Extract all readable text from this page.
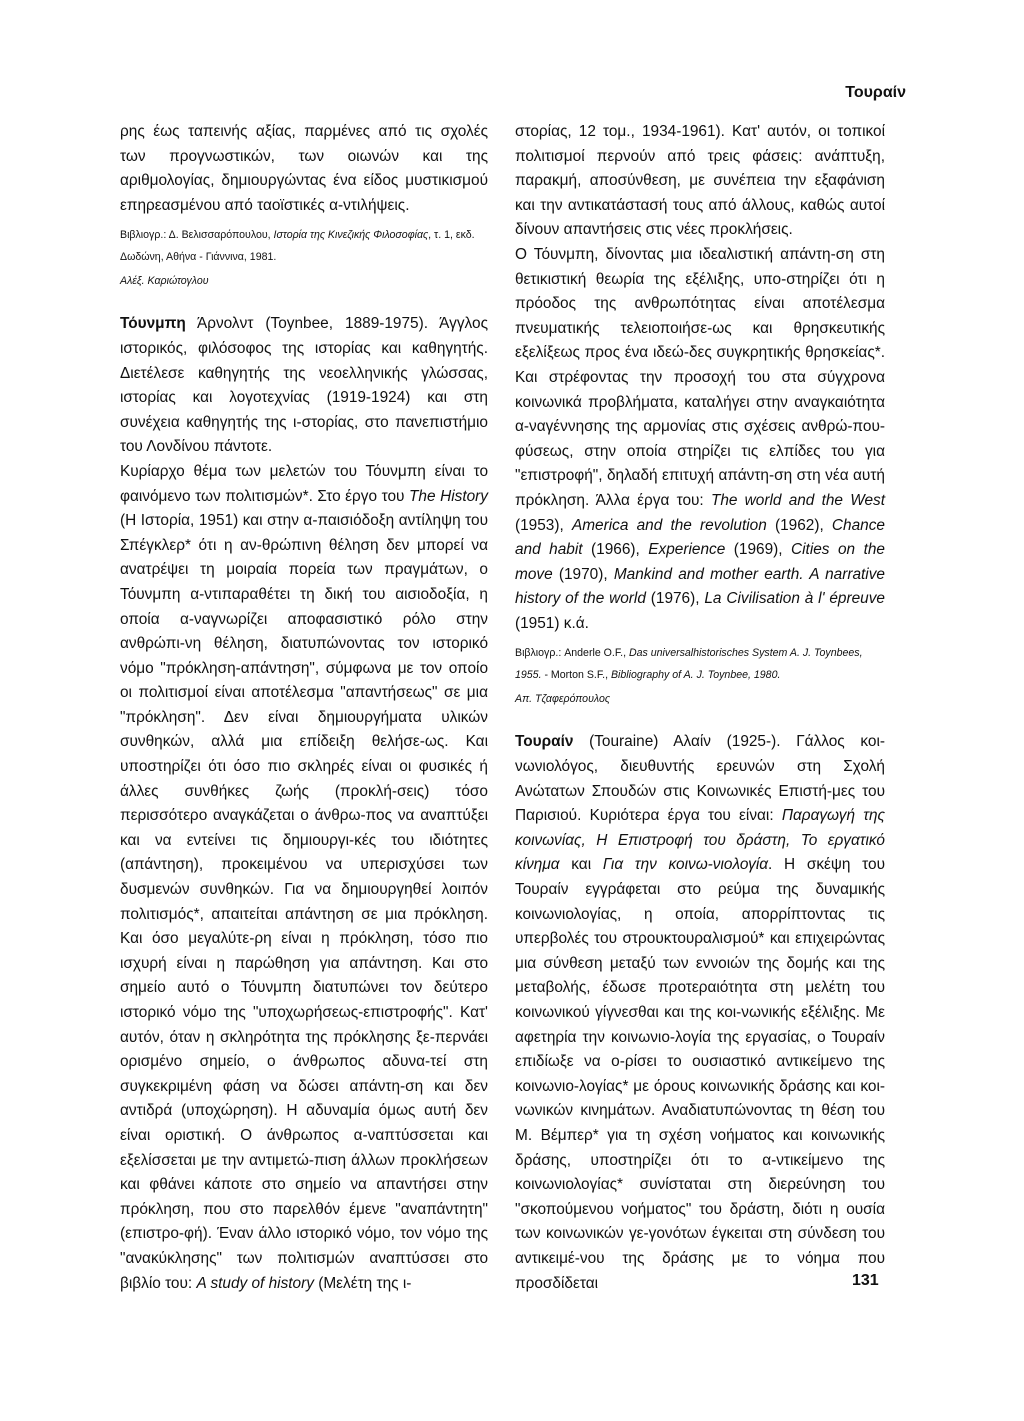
Τουραίν

ρης έως ταπεινής αξίας, παρμένες από τις σχολές των προγνωστικών, των οιωνών και της αριθμολογίας, δημιουργώντας ένα είδος μυστικισμού επηρεασμένου από ταοϊστικές α-ντιλήψεις.

Βιβλιογρ.: Δ. Βελισσαρόπουλου, Ιστορία της Κινεζικής Φιλοσοφίας, τ. 1, εκδ. Δωδώνη, Αθήνα - Γιάννινα, 1981.

Αλέξ. Καριώτογλου

Τόυνμπη Άρνολντ (Toynbee, 1889-1975). Άγγλος ιστορικός, φιλόσοφος της ιστορίας και καθηγητής. Διετέλεσε καθηγητής της νεοελληνικής γλώσσας, ιστορίας και λογοτεχνίας (1919-1924) και στη συνέχεια καθηγητής της ι-στορίας, στο πανεπιστήμιο του Λονδίνου πάντοτε.

Κυρίαρχο θέμα των μελετών του Τόυνμπη είναι το φαινόμενο των πολιτισμών*. Στο έργο του The History (Η Ιστορία, 1951) και στην α-παισιόδοξη αντίληψη του Σπέγκλερ* ότι η αν-θρώπινη θέληση δεν μπορεί να ανατρέψει τη μοιραία πορεία των πραγμάτων, ο Τόυνμπη α-ντιπαραθέτει τη δική του αισιοδοξία, η οποία α-ναγνωρίζει αποφασιστικό ρόλο στην ανθρώπι-νη θέληση, διατυπώνοντας τον ιστορικό νόμο "πρόκληση-απάντηση", σύμφωνα με τον οποίο οι πολιτισμοί είναι αποτέλεσμα "απαντήσεως" σε μια "πρόκληση". Δεν είναι δημιουργήματα υλικών συνθηκών, αλλά μια επίδειξη θελήσε-ως. Και υποστηρίζει ότι όσο πιο σκληρές είναι οι φυσικές ή άλλες συνθήκες ζωής (προκλή-σεις) τόσο περισσότερο αναγκάζεται ο άνθρω-πος να αναπτύξει και να εντείνει τις δημιουργι-κές του ιδιότητες (απάντηση), προκειμένου να υπερισχύσει των δυσμενών συνθηκών. Για να δημιουργηθεί λοιπόν πολιτισμός*, απαιτείται απάντηση σε μια πρόκληση. Και όσο μεγαλύτε-ρη είναι η πρόκληση, τόσο πιο ισχυρή είναι η παρώθηση για απάντηση. Και στο σημείο αυτό ο Τόυνμπη διατυπώνει τον δεύτερο ιστορικό νόμο της "υποχωρήσεως-επιστροφής". Κατ' αυτόν, όταν η σκληρότητα της πρόκλησης ξε-περνάει ορισμένο σημείο, ο άνθρωπος αδυνα-τεί στη συγκεκριμένη φάση να δώσει απάντη-ση και δεν αντιδρά (υποχώρηση). Η αδυναμία όμως αυτή δεν είναι οριστική. Ο άνθρωπος α-ναπτύσσεται και εξελίσσεται με την αντιμετώ-πιση άλλων προκλήσεων και φθάνει κάποτε στο σημείο να απαντήσει στην πρόκληση, που στο παρελθόν έμενε "αναπάντητη" (επιστρο-φή). Έναν άλλο ιστορικό νόμο, τον νόμο της "ανακύκλησης" των πολιτισμών αναπτύσσει στο βιβλίο του: A study of history (Μελέτη της ι-

στορίας, 12 τομ., 1934-1961). Κατ' αυτόν, οι τοπικοί πολιτισμοί περνούν από τρεις φάσεις: ανάπτυξη, παρακμή, αποσύνθεση, με συνέπεια την εξαφάνιση και την αντικατάστασή τους από άλλους, καθώς αυτοί δίνουν απαντήσεις στις νέες προκλήσεις.

Ο Τόυνμπη, δίνοντας μια ιδεαλιστική απάντη-ση στη θετικιστική θεωρία της εξέλιξης, υπο-στηρίζει ότι η πρόοδος της ανθρωπότητας είναι αποτέλεσμα πνευματικής τελειοποιήσε-ως και θρησκευτικής εξελίξεως προς ένα ιδεώ-δες συγκρητικής θρησκείας*. Και στρέφοντας την προσοχή του στα σύγχρονα κοινωνικά προβλήματα, καταλήγει στην αναγκαιότητα α-ναγέννησης της αρμονίας στις σχέσεις ανθρώ-που-φύσεως, στην οποία στηρίζει τις ελπίδες του για "επιστροφή", δηλαδή επιτυχή απάντη-ση στη νέα αυτή πρόκληση. Άλλα έργα του: The world and the West (1953), America and the revolution (1962), Chance and habit (1966), Experience (1969), Cities on the move (1970), Mankind and mother earth. A narrative history of the world (1976), La Civilisation à l' épreuve (1951) κ.ά.

Βιβλιογρ.: Anderle O.F., Das universalhistorisches System A. J. Toynbees, 1955. - Morton S.F., Bibliography of A. J. Toynbee, 1980.

Απ. Τζαφερόπουλος

Τουραίν (Touraine) Αλαίν (1925-). Γάλλος κοι-νωνιολόγος, διευθυντής ερευνών στη Σχολή Ανώτατων Σπουδών στις Κοινωνικές Επιστή-μες του Παρισιού. Κυριότερα έργα του είναι: Παραγωγή της κοινωνίας, Η Επιστροφή του δράστη, Το εργατικό κίνημα και Για την κοινω-νιολογία. Η σκέψη του Τουραίν εγγράφεται στο ρεύμα της δυναμικής κοινωνιολογίας, η οποία, απορρίπτοντας τις υπερβολές του στρουκτουραλισμού* και επιχειρώντας μια σύνθεση μεταξύ των εννοιών της δομής και της μεταβολής, έδωσε προτεραιότητα στη μελέτη του κοινωνικού γίγνεσθαι και της κοι-νωνικής εξέλιξης. Με αφετηρία την κοινωνιο-λογία της εργασίας, ο Τουραίν επιδίωξε να ο-ρίσει το ουσιαστικό αντικείμενο της κοινωνιο-λογίας* με όρους κοινωνικής δράσης και κοι-νωνικών κινημάτων. Αναδιατυπώνοντας τη θέση του Μ. Βέμπερ* για τη σχέση νοήματος και κοινωνικής δράσης, υποστηρίζει ότι το α-ντικείμενο της κοινωνιολογίας* συνίσταται στη διερεύνηση του "σκοπούμενου νοήματος" του δράστη, διότι η ουσία των κοινωνικών γε-γονότων έγκειται στη σύνδεση του αντικειμέ-νου της δράσης με το νόημα που προσδίδεται	131
